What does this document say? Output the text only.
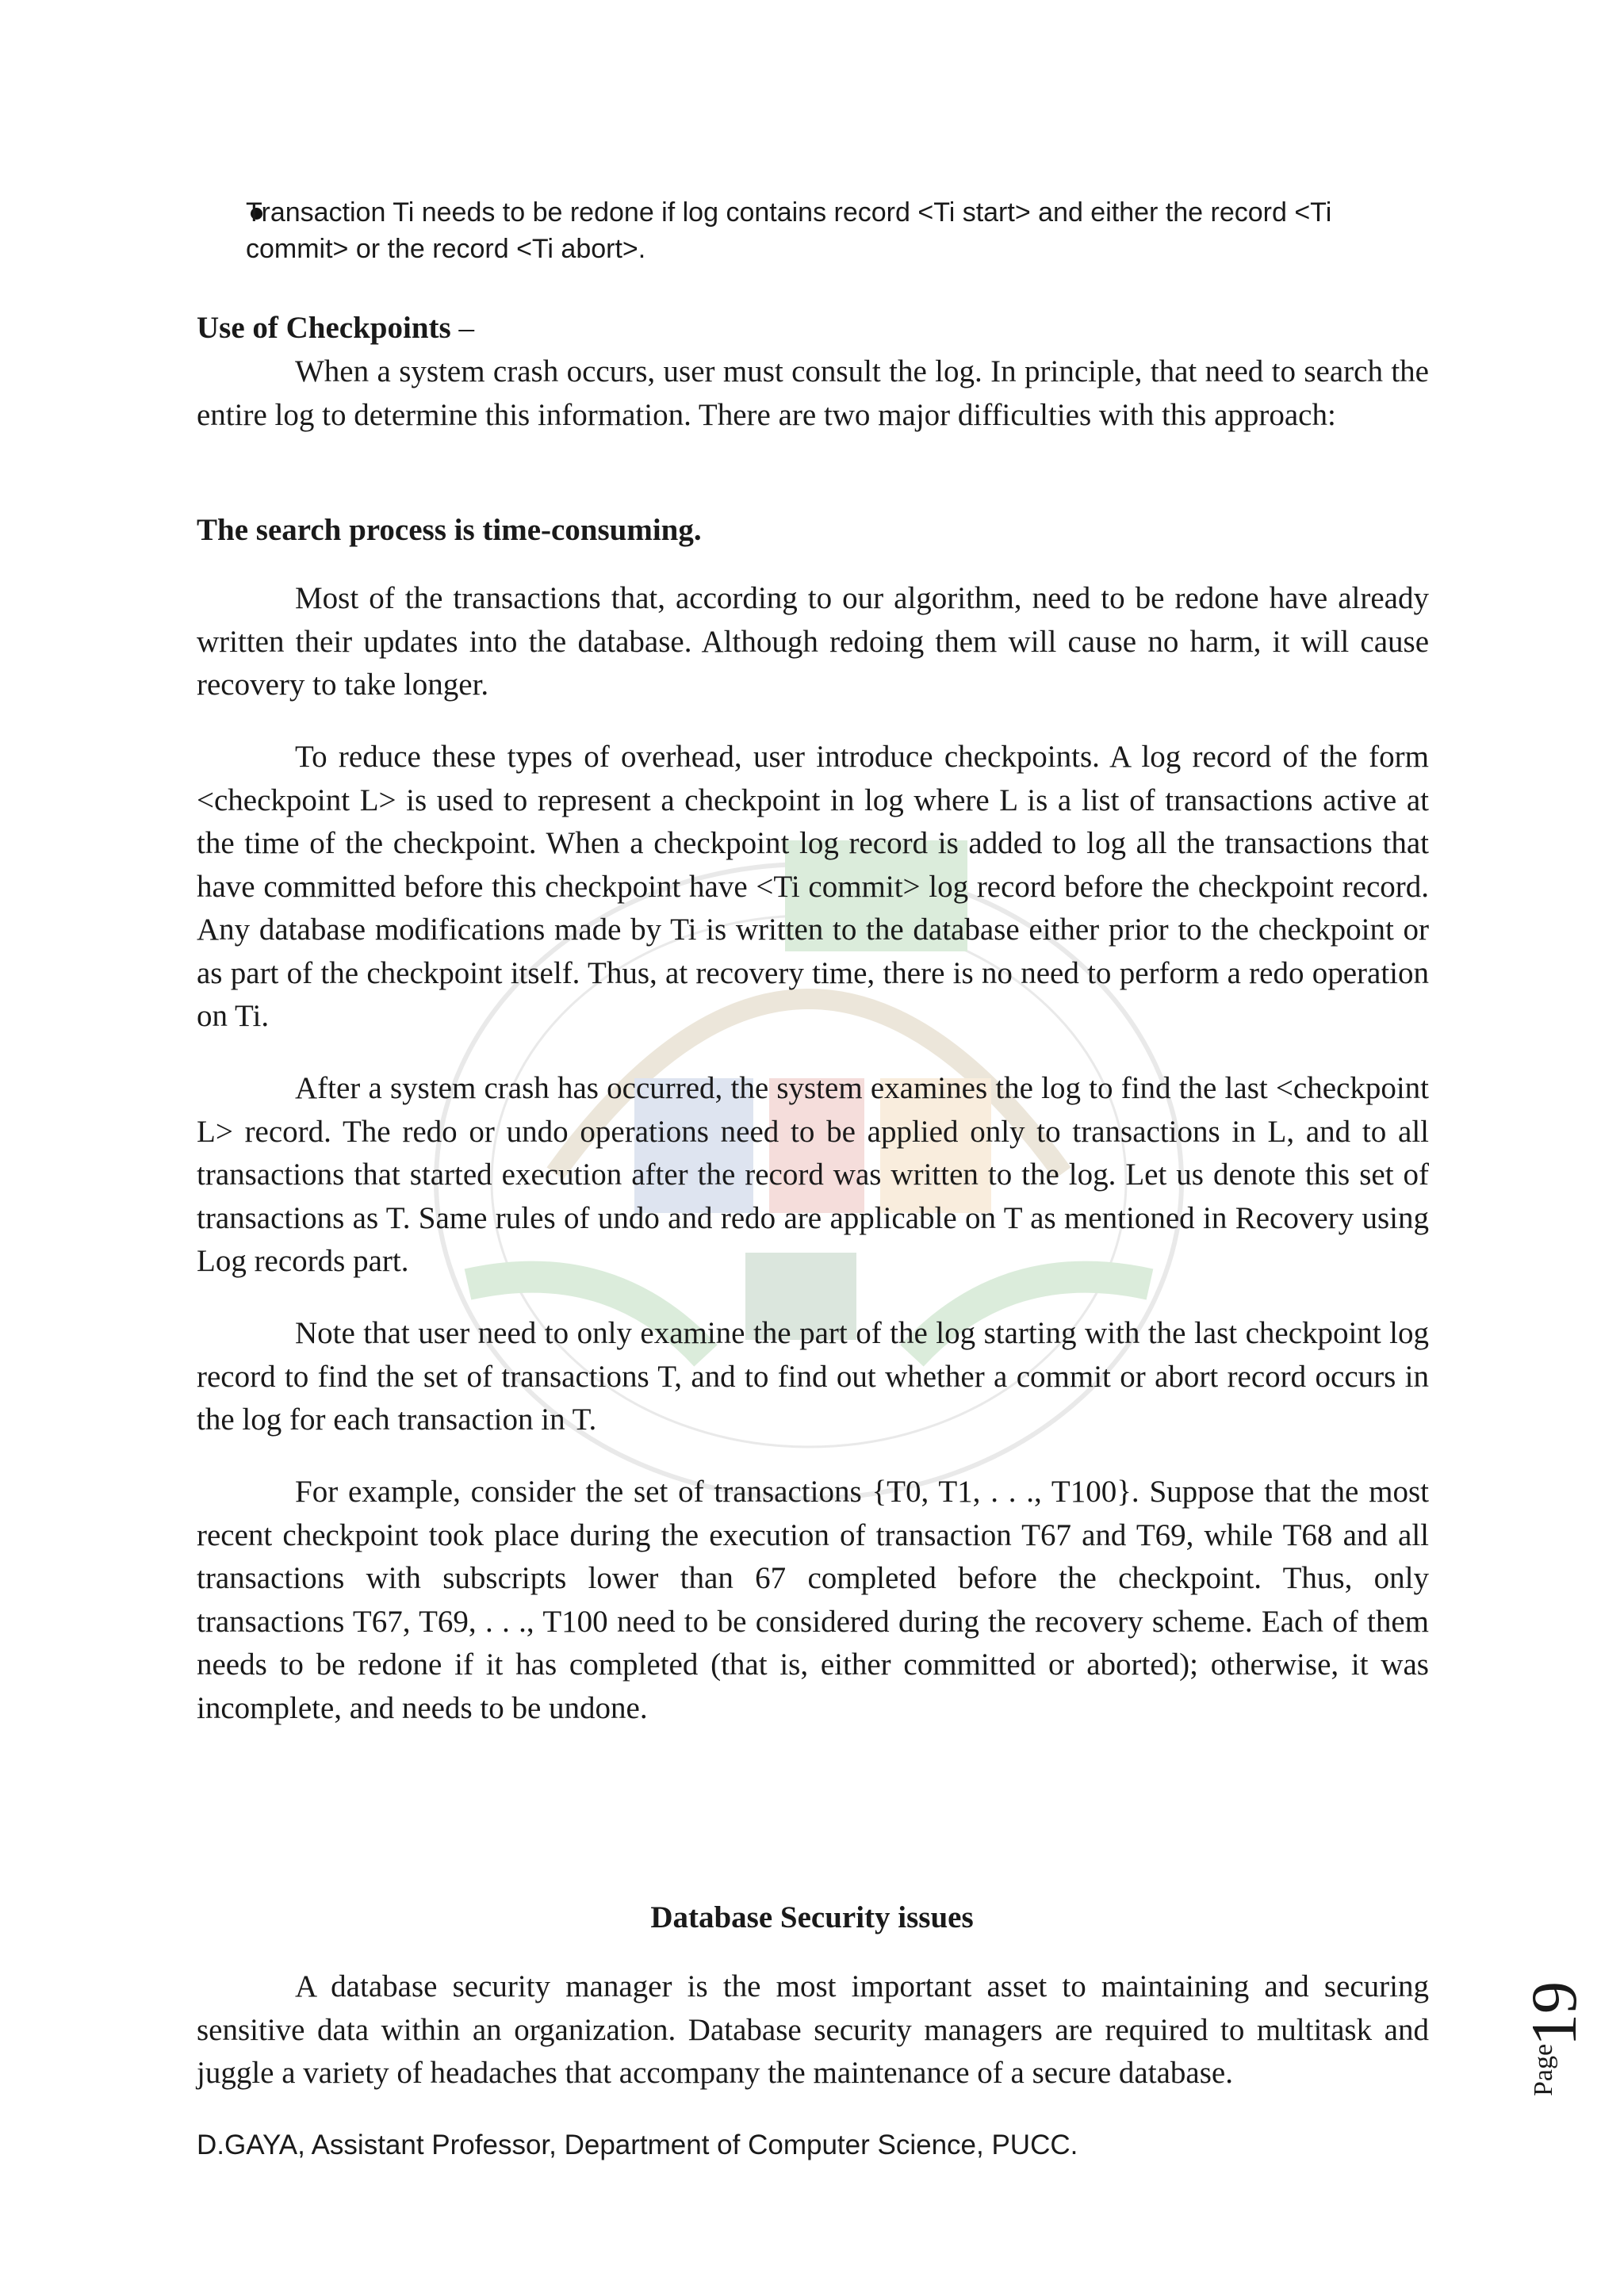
Transaction Ti needs to be redone if log contains record <Ti start> and either the record <Ti commit> or the record <Ti abort>.
Use of Checkpoints –

When a system crash occurs, user must consult the log. In principle, that need to search the entire log to determine this information. There are two major difficulties with this approach:

The search process is time-consuming.

Most of the transactions that, according to our algorithm, need to be redone have already written their updates into the database. Although redoing them will cause no harm, it will cause recovery to take longer.

To reduce these types of overhead, user introduce checkpoints. A log record of the form <checkpoint L> is used to represent a checkpoint in log where L is a list of transactions active at the time of the checkpoint. When a checkpoint log record is added to log all the transactions that have committed before this checkpoint have <Ti commit> log record before the checkpoint record. Any database modifications made by Ti is written to the database either prior to the checkpoint or as part of the checkpoint itself. Thus, at recovery time, there is no need to perform a redo operation on Ti.

After a system crash has occurred, the system examines the log to find the last <checkpoint L> record. The redo or undo operations need to be applied only to transactions in L, and to all transactions that started execution after the record was written to the log. Let us denote this set of transactions as T. Same rules of undo and redo are applicable on T as mentioned in Recovery using Log records part.

Note that user need to only examine the part of the log starting with the last checkpoint log record to find the set of transactions T, and to find out whether a commit or abort record occurs in the log for each transaction in T.

For example, consider the set of transactions {T0, T1, . . ., T100}. Suppose that the most recent checkpoint took place during the execution of transaction T67 and T69, while T68 and all transactions with subscripts lower than 67 completed before the checkpoint. Thus, only transactions T67, T69, . . ., T100 need to be considered during the recovery scheme. Each of them needs to be redone if it has completed (that is, either committed or aborted); otherwise, it was incomplete, and needs to be undone.

Database Security issues

A database security manager is the most important asset to maintaining and securing sensitive data within an organization. Database security managers are required to multitask and juggle a variety of headaches that accompany the maintenance of a secure database.

D.GAYA, Assistant Professor, Department of Computer Science, PUCC.
19
Page
